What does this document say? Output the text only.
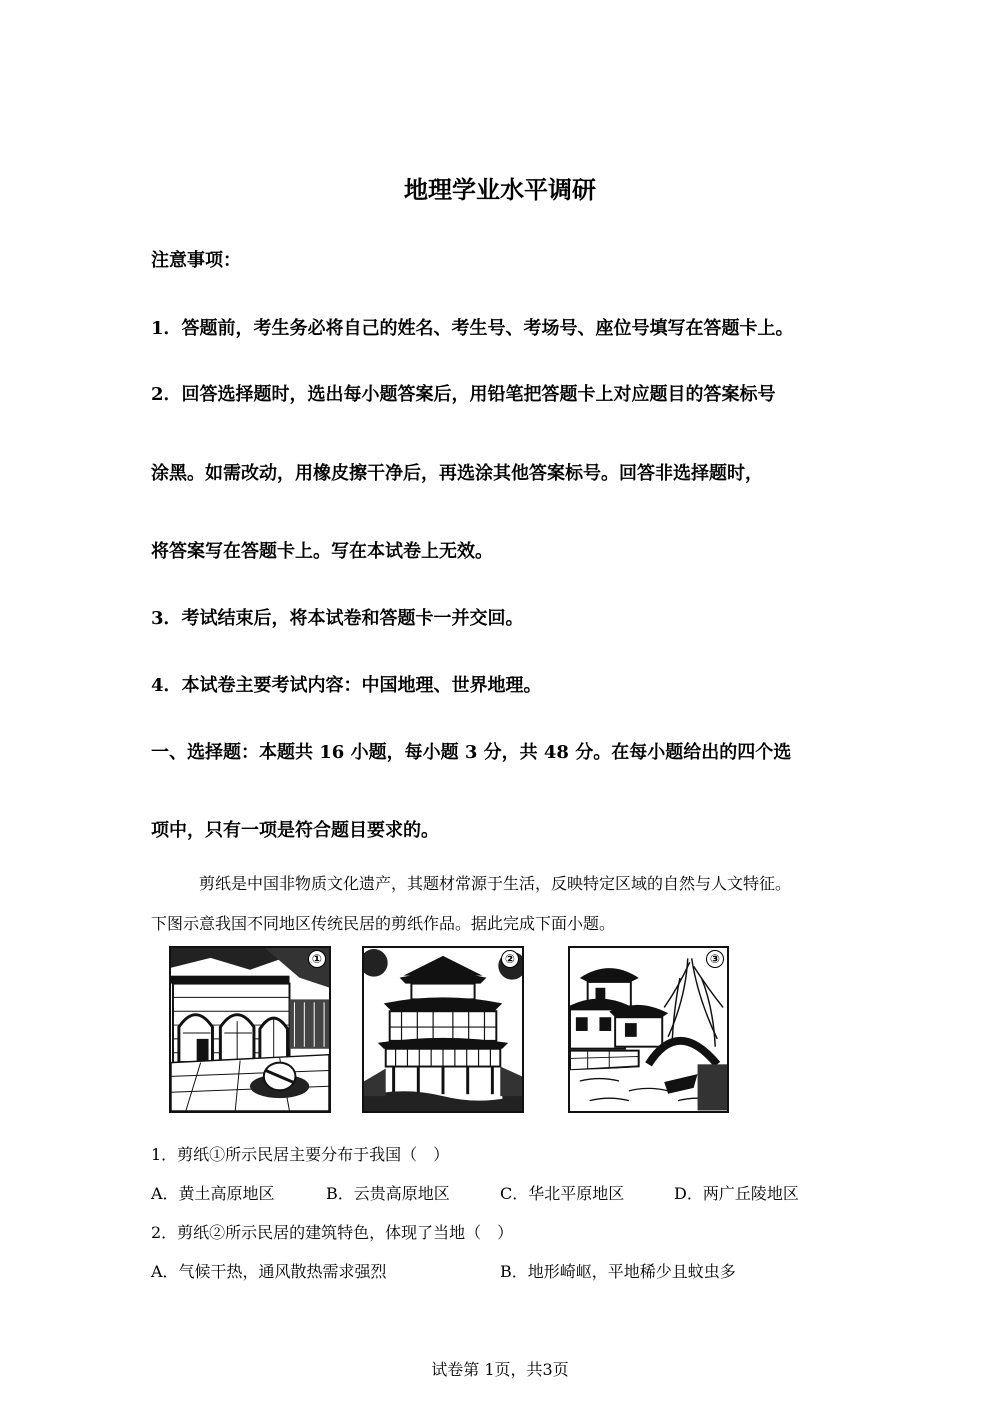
地理学业水平调研
注意事项：
1．答题前，考生务必将自己的姓名、考生号、考场号、座位号填写在答题卡上。
2．回答选择题时，选出每小题答案后，用铅笔把答题卡上对应题目的答案标号
涂黑。如需改动，用橡皮擦干净后，再选涂其他答案标号。回答非选择题时，
将答案写在答题卡上。写在本试卷上无效。
3．考试结束后，将本试卷和答题卡一并交回。
4．本试卷主要考试内容：中国地理、世界地理。
一、选择题：本题共 16 小题，每小题 3 分，共 48 分。在每小题给出的四个选
项中，只有一项是符合题目要求的。
剪纸是中国非物质文化遗产，其题材常源于生活，反映特定区域的自然与人文特征。
下图示意我国不同地区传统民居的剪纸作品。据此完成下面小题。
①	②	③
1．剪纸①所示民居主要分布于我国（　）
A．黄土高原地区	B．云贵高原地区	C．华北平原地区	D．两广丘陵地区
2．剪纸②所示民居的建筑特色，体现了当地（　）
A．气候干热，通风散热需求强烈	B．地形崎岖，平地稀少且蚊虫多
试卷第 1页，共3页
